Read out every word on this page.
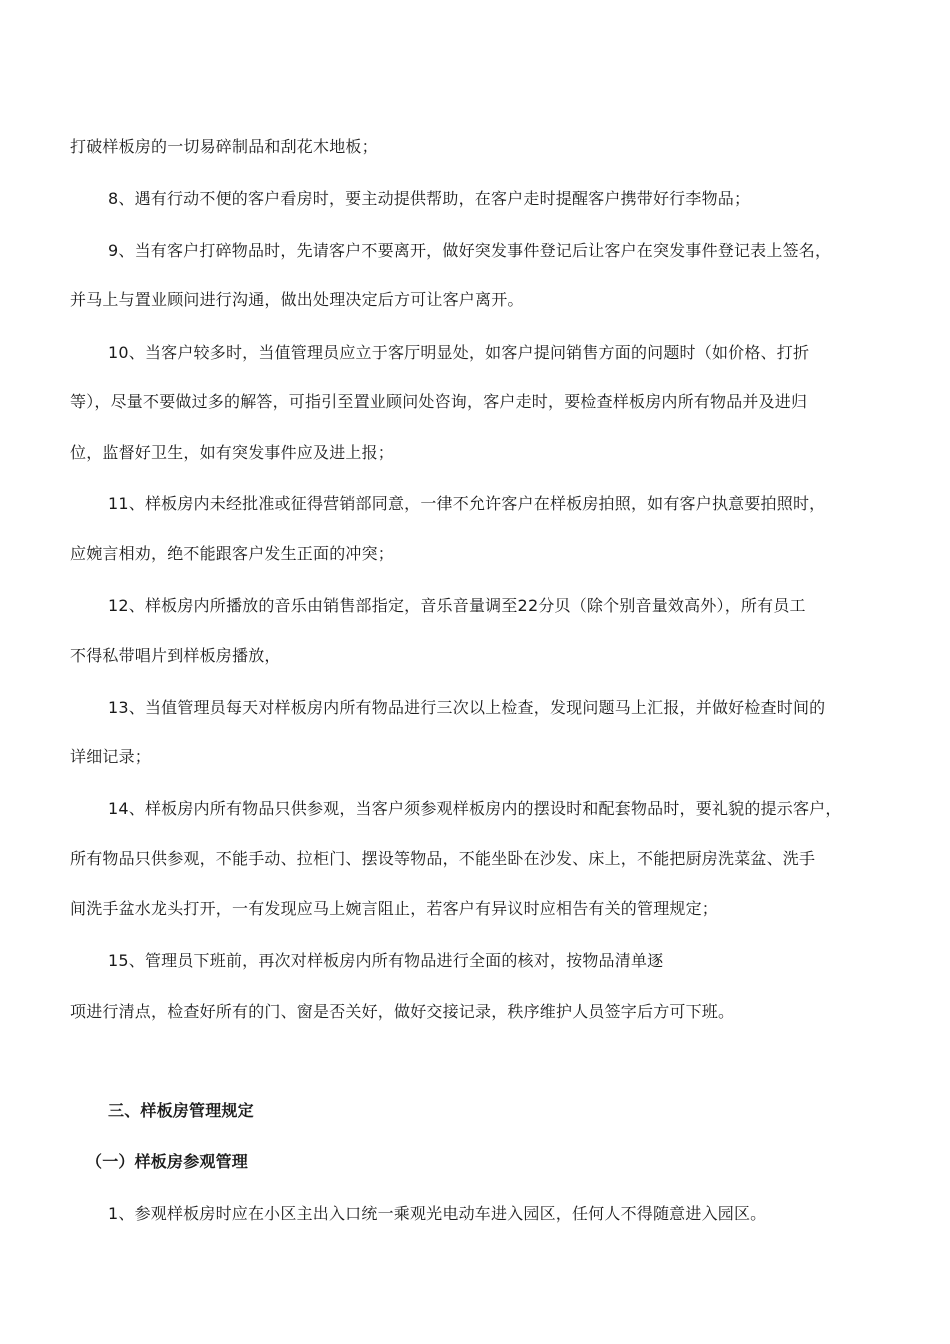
打破样板房的一切易碎制品和刮花木地板；
8、遇有行动不便的客户看房时，要主动提供帮助，在客户走时提醒客户携带好行李物品；
9、当有客户打碎物品时，先请客户不要离开，做好突发事件登记后让客户在突发事件登记表上签名，
并马上与置业顾问进行沟通，做出处理决定后方可让客户离开。
10、当客户较多时，当值管理员应立于客厅明显处，如客户提问销售方面的问题时（如价格、打折
等），尽量不要做过多的解答，可指引至置业顾问处咨询，客户走时，要检查样板房内所有物品并及进归
位，监督好卫生，如有突发事件应及进上报；
11、样板房内未经批准或征得营销部同意，一律不允许客户在样板房拍照，如有客户执意要拍照时，
应婉言相劝，绝不能跟客户发生正面的冲突；
12、样板房内所播放的音乐由销售部指定，音乐音量调至22分贝（除个别音量效高外），所有员工
不得私带唱片到样板房播放，
13、当值管理员每天对样板房内所有物品进行三次以上检查，发现问题马上汇报，并做好检查时间的
详细记录；
14、样板房内所有物品只供参观，当客户须参观样板房内的摆设时和配套物品时，要礼貌的提示客户，
所有物品只供参观，不能手动、拉柜门、摆设等物品，不能坐卧在沙发、床上，不能把厨房洗菜盆、洗手
间洗手盆水龙头打开，一有发现应马上婉言阻止，若客户有异议时应相告有关的管理规定；
15、管理员下班前，再次对样板房内所有物品进行全面的核对，按物品清单逐
项进行清点，检查好所有的门、窗是否关好，做好交接记录，秩序维护人员签字后方可下班。
三、样板房管理规定
（一）样板房参观管理
1、参观样板房时应在小区主出入口统一乘观光电动车进入园区，任何人不得随意进入园区。
